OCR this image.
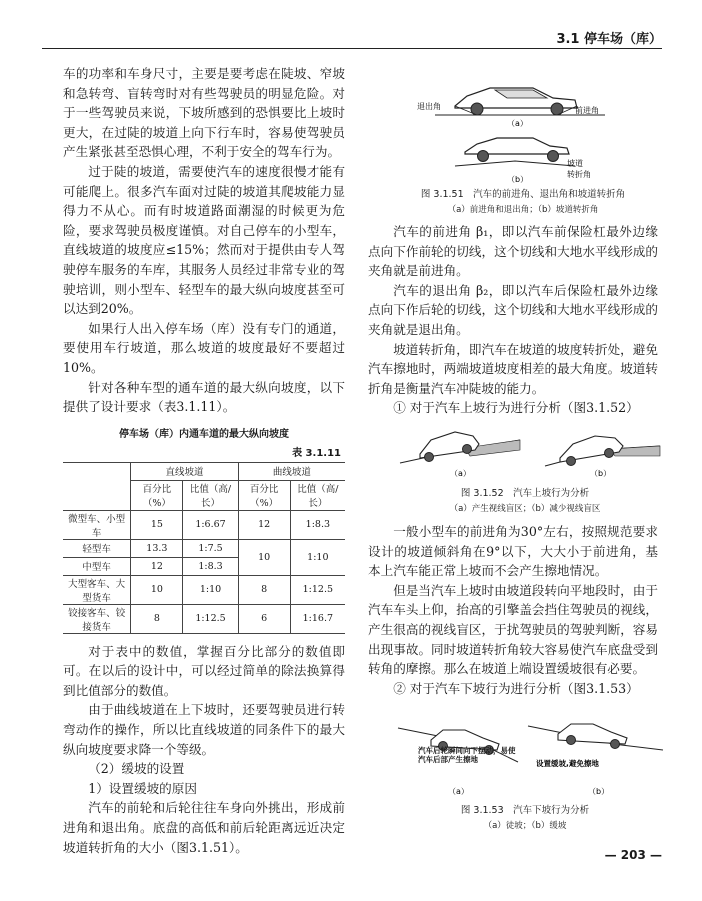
3.1 停车场（库）

车的功率和车身尺寸，主要是要考虑在陡坡、窄坡和急转弯、盲转弯时对有些驾驶员的明显危险。对于一些驾驶员来说，下坡所感到的恐惧要比上坡时更大，在过陡的坡道上向下行车时，容易使驾驶员产生紧张甚至恐惧心理，不利于安全的驾车行为。

过于陡的坡道，需要使汽车的速度很慢才能有可能爬上。很多汽车面对过陡的坡道其爬坡能力显得力不从心。而有时坡道路面潮湿的时候更为危险，要求驾驶员极度谨慎。对自己停车的小型车，直线坡道的坡度应≤15%；然而对于提供由专人驾驶停车服务的车库，其服务人员经过非常专业的驾驶培训，则小型车、轻型车的最大纵向坡度甚至可以达到20%。

如果行人出入停车场（库）没有专门的通道，要使用车行坡道，那么坡道的坡度最好不要超过10%。

针对各种车型的通车道的最大纵向坡度，以下提供了设计要求（表3.1.11）。

停车场（库）内通车道的最大纵向坡度
表 3.1.11
	直线坡道		曲线坡道	
	百分比（%）	比值（高/长）	百分比（%）	比值（高/长）
微型车、小型车	15	1:6.67	12	1:8.3
轻型车	13.3	1:7.5	10	1:10
中型车	12	1:8.3		
大型客车、大型货车	10	1:10	8	1:12.5
铰接客车、铰接货车	8	1:12.5	6	1:16.7

对于表中的数值，掌握百分比部分的数值即可。在以后的设计中，可以经过简单的除法换算得到比值部分的数值。

由于曲线坡道在上下坡时，还要驾驶员进行转弯动作的操作，所以比直线坡道的同条件下的最大纵向坡度要求降一个等级。

（2）缓坡的设置

1）设置缓坡的原因

汽车的前轮和后轮往往车身向外挑出，形成前进角和退出角。底盘的高低和前后轮距离远近决定坡道转折角的大小（图3.1.51）。

退出角	前进角
（a）
坡道
转折角
（b）
图 3.1.51　汽车的前进角、退出角和坡道转折角
（a）前进角和退出角；（b）坡道转折角

汽车的前进角 β₁，即以汽车前保险杠最外边缘点向下作前轮的切线，这个切线和大地水平线形成的夹角就是前进角。

汽车的退出角 β₂，即以汽车后保险杠最外边缘点向下作后轮的切线，这个切线和大地水平线形成的夹角就是退出角。

坡道转折角，即汽车在坡道的坡度转折处，避免汽车擦地时，两端坡道坡度相差的最大角度。坡道转折角是衡量汽车冲陡坡的能力。

① 对于汽车上坡行为进行分析（图3.1.52）

（a）	（b）
图 3.1.52　汽车上坡行为分析
（a）产生视线盲区；（b）减少视线盲区

一般小型车的前进角为30°左右，按照规范要求设计的坡道倾斜角在9°以下，大大小于前进角，基本上汽车能正常上坡而不会产生擦地情况。

但是当汽车上坡时由坡道段转向平地段时，由于汽车车头上仰，抬高的引擎盖会挡住驾驶员的视线，产生很高的视线盲区，于扰驾驶员的驾驶判断，容易出现事故。同时坡道转折角较大容易使汽车底盘受到转角的摩擦。那么在坡道上端设置缓坡很有必要。

② 对于汽车下坡行为进行分析（图3.1.53）

汽车后轮瞬间向下摆动，易使汽车后部产生擦地	设置缓坡,避免擦地
（a）	（b）
图 3.1.53　汽车下坡行为分析
（a）徒坡；（b）缓坡
— 203 —
